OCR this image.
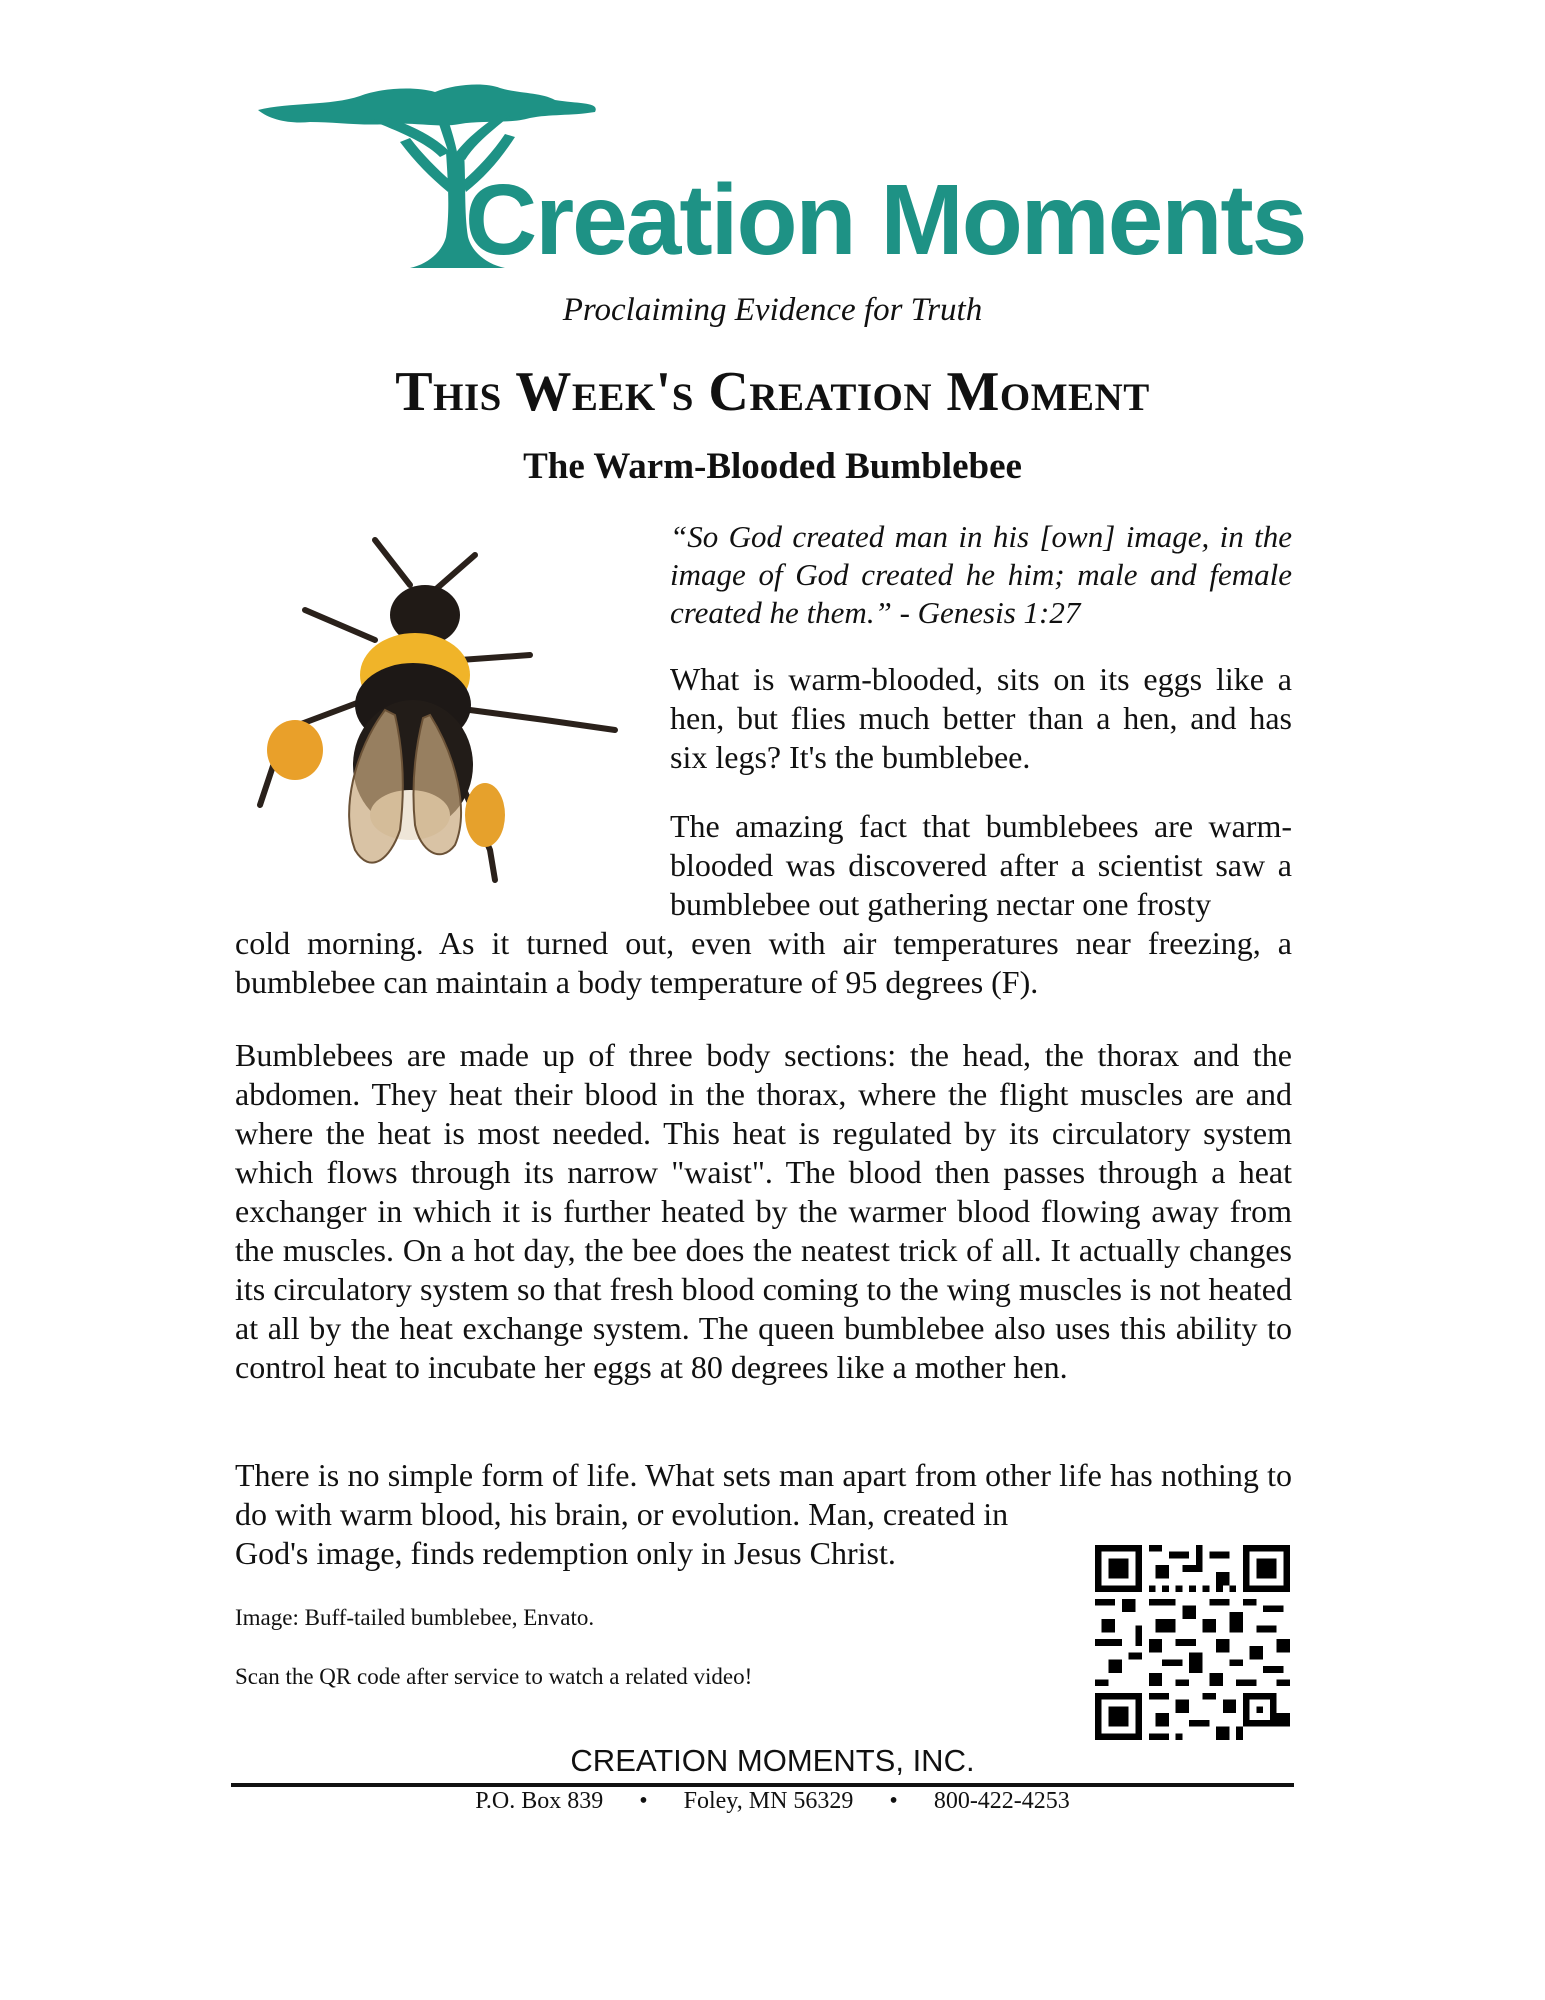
Creation Moments
Proclaiming Evidence for Truth
This Week's Creation Moment
The Warm-Blooded Bumblebee
“So God created man in his [own] image, in the image of God created he him; male and female created he them.” - Genesis 1:27
What is warm-blooded, sits on its eggs like a hen, but flies much better than a hen, and has six legs? It's the bumblebee.
The amazing fact that bumblebees are warm-blooded was discovered after a scientist saw a bumblebee out gathering nectar one frosty
cold morning. As it turned out, even with air temperatures near freezing, a bumblebee can maintain a body temperature of 95 degrees (F).
Bumblebees are made up of three body sections: the head, the thorax and the abdomen. They heat their blood in the thorax, where the flight muscles are and where the heat is most needed. This heat is regulated by its circulatory system which flows through its narrow "waist". The blood then passes through a heat exchanger in which it is further heated by the warmer blood flowing away from the muscles. On a hot day, the bee does the neatest trick of all. It actually changes its circulatory system so that fresh blood coming to the wing muscles is not heated at all by the heat exchange system. The queen bumblebee also uses this ability to control heat to incubate her eggs at 80 degrees like a mother hen.
There is no simple form of life. What sets man apart from other life has nothing to do with warm blood, his brain, or evolution. Man, created in
God's image, finds redemption only in Jesus Christ.
Image: Buff-tailed bumblebee, Envato.
Scan the QR code after service to watch a related video!
CREATION MOMENTS, INC.
P.O. Box 839 • Foley, MN 56329 • 800-422-4253
